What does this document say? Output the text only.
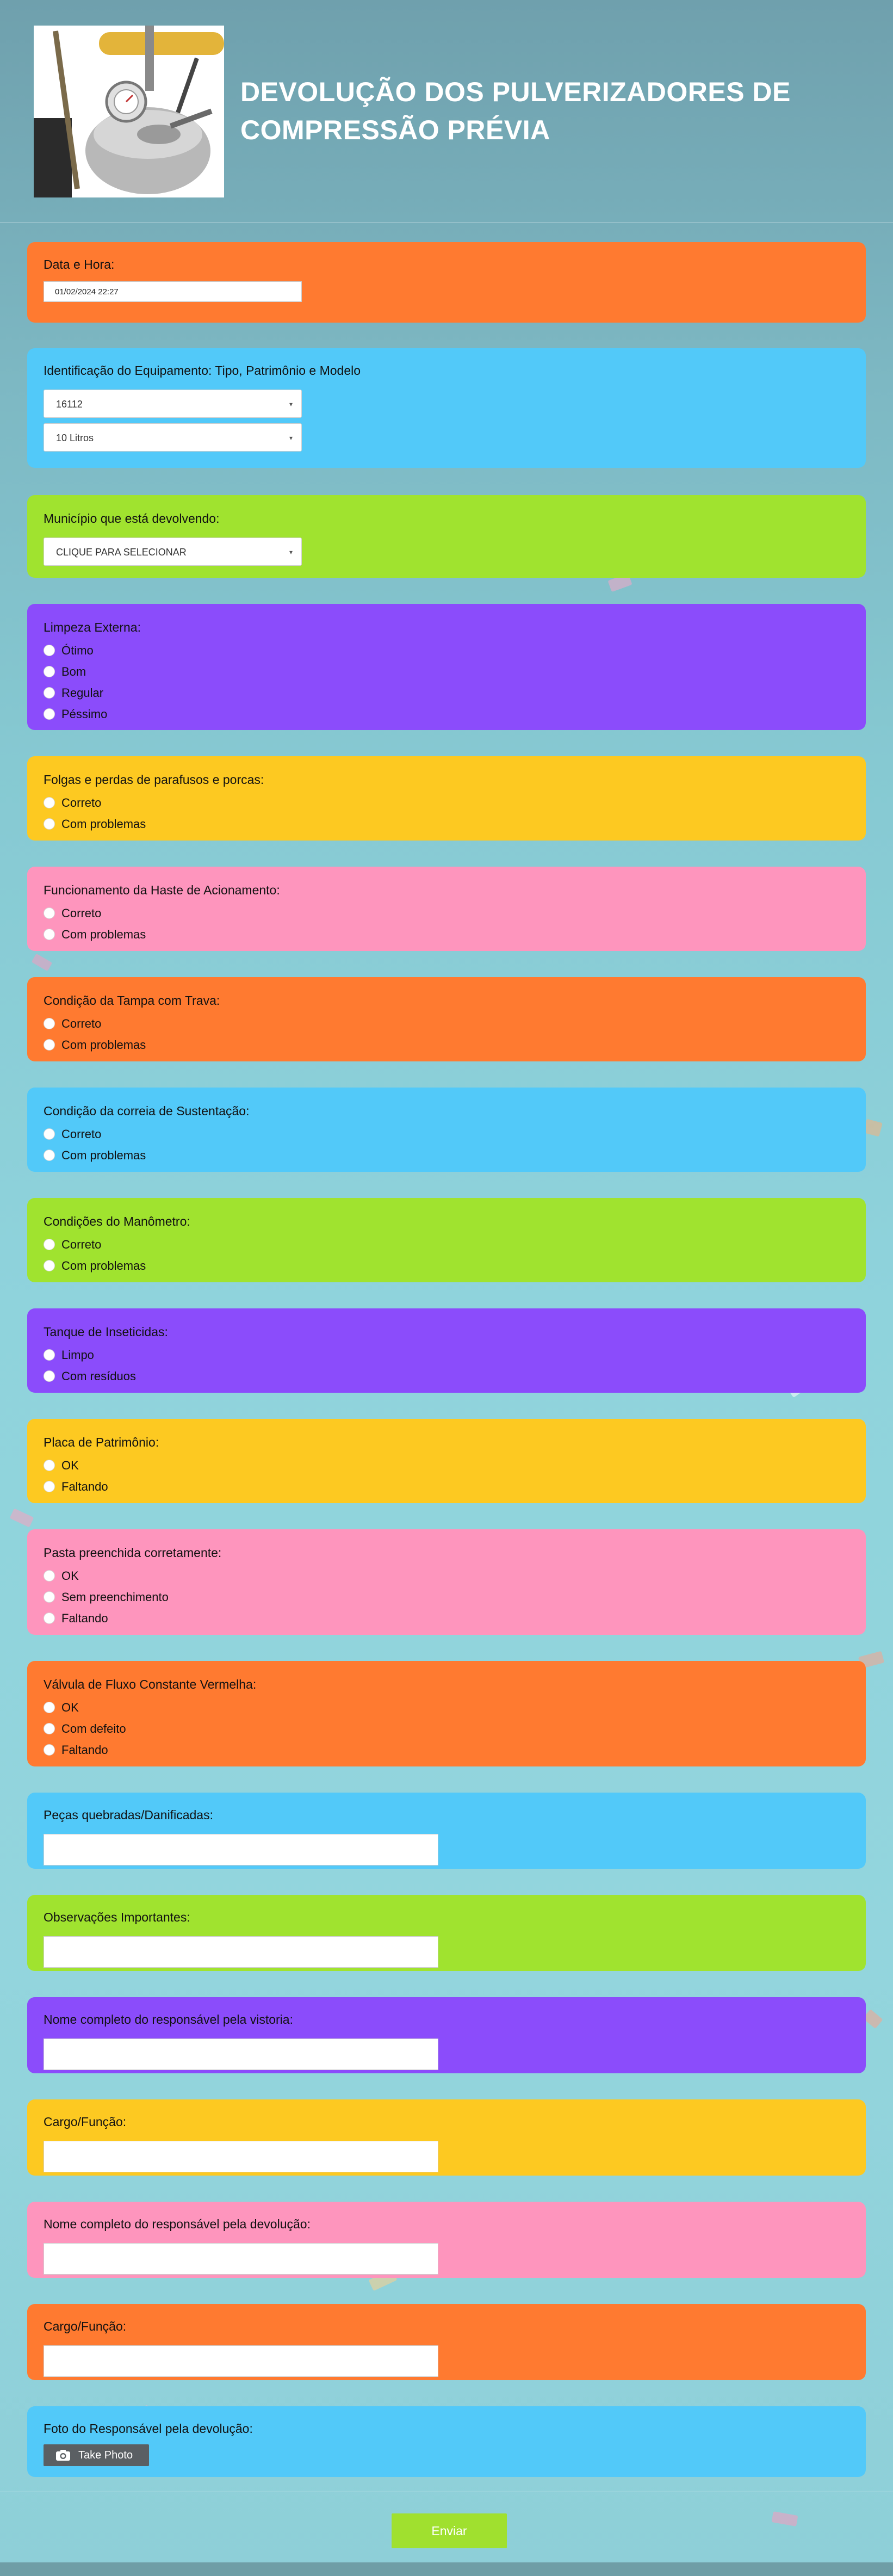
DEVOLUÇÃO DOS PULVERIZADORES DE
COMPRESSÃO PRÉVIA
Data e Hora:
01/02/2024 22:27
Identificação do Equipamento: Tipo, Patrimônio e Modelo
16112	▾
10 Litros	▾
Município que está devolvendo:
CLIQUE PARA SELECIONAR	▾
Limpeza Externa:
Ótimo
Bom
Regular
Péssimo
Folgas e perdas de parafusos e porcas:
Correto
Com problemas
Funcionamento da Haste de Acionamento:
Correto
Com problemas
Condição da Tampa com Trava:
Correto
Com problemas
Condição da correia de Sustentação:
Correto
Com problemas
Condições do Manômetro:
Correto
Com problemas
Tanque de Inseticidas:
Limpo
Com resíduos
Placa de Patrimônio:
OK
Faltando
Pasta preenchida corretamente:
OK
Sem preenchimento
Faltando
Válvula de Fluxo Constante Vermelha:
OK
Com defeito
Faltando
Peças quebradas/Danificadas:
Observações Importantes:
Nome completo do responsável pela vistoria:
Cargo/Função:
Nome completo do responsável pela devolução:
Cargo/Função:
Foto do Responsável pela devolução:
Take Photo
Enviar
